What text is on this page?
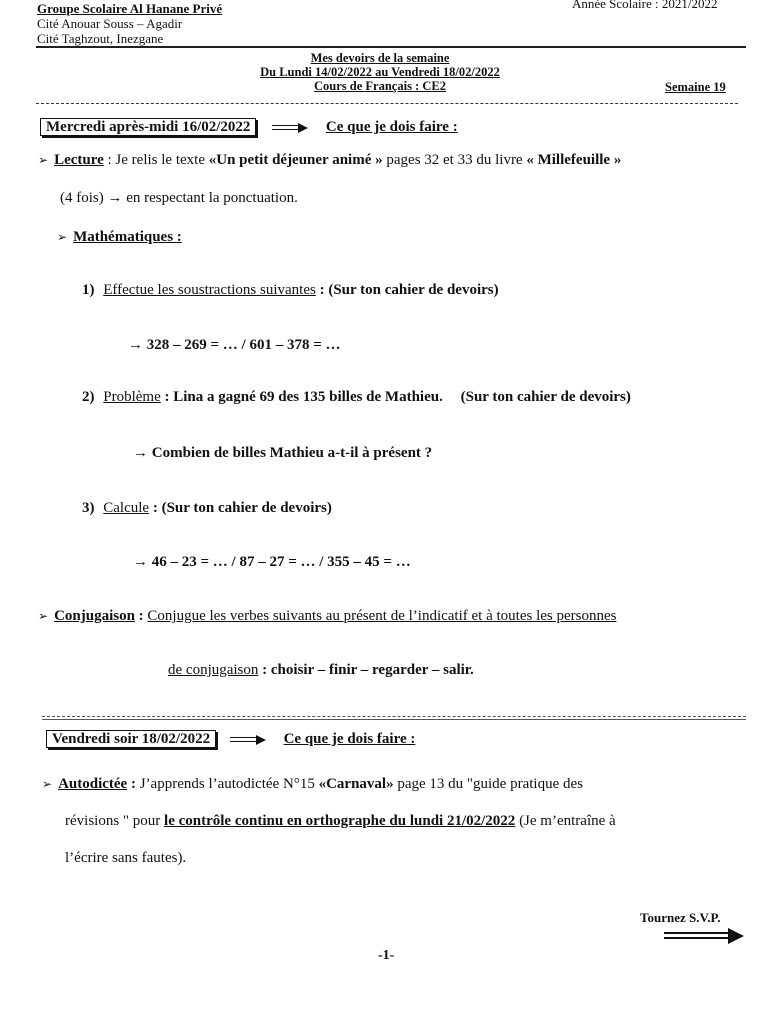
Groupe Scolaire Al Hanane Privé
Cité Anouar Souss – Agadir
Cité Taghzout, Inezgane
Année Scolaire : 2021/2022
Mes devoirs de la semaine
Du Lundi 14/02/2022 au Vendredi 18/02/2022
Cours de Français : CE2	Semaine 19
Mercredi après-midi 16/02/2022	Ce que je dois faire :
➢ Lecture : Je relis le texte «Un petit déjeuner animé » pages 32 et 33 du livre « Millefeuille »
(4 fois) → en respectant la ponctuation.
➢ Mathématiques :
1) Effectue les soustractions suivantes : (Sur ton cahier de devoirs)
→ 328 – 269 = … / 601 – 378 = …
2) Problème : Lina a gagné 69 des 135 billes de Mathieu. (Sur ton cahier de devoirs)
→ Combien de billes Mathieu a-t-il à présent ?
3) Calcule : (Sur ton cahier de devoirs)
→ 46 – 23 = … / 87 – 27 = … / 355 – 45 = …
➢ Conjugaison : Conjugue les verbes suivants au présent de l’indicatif et à toutes les personnes
de conjugaison : choisir – finir – regarder – salir.
Vendredi soir 18/02/2022	Ce que je dois faire :
➢ Autodictée : J’apprends l’autodictée N°15 «Carnaval» page 13 du "guide pratique des
révisions " pour le contrôle continu en orthographe du lundi 21/02/2022 (Je m’entraîne à
l’écrire sans fautes).
Tournez S.V.P.
-1-
